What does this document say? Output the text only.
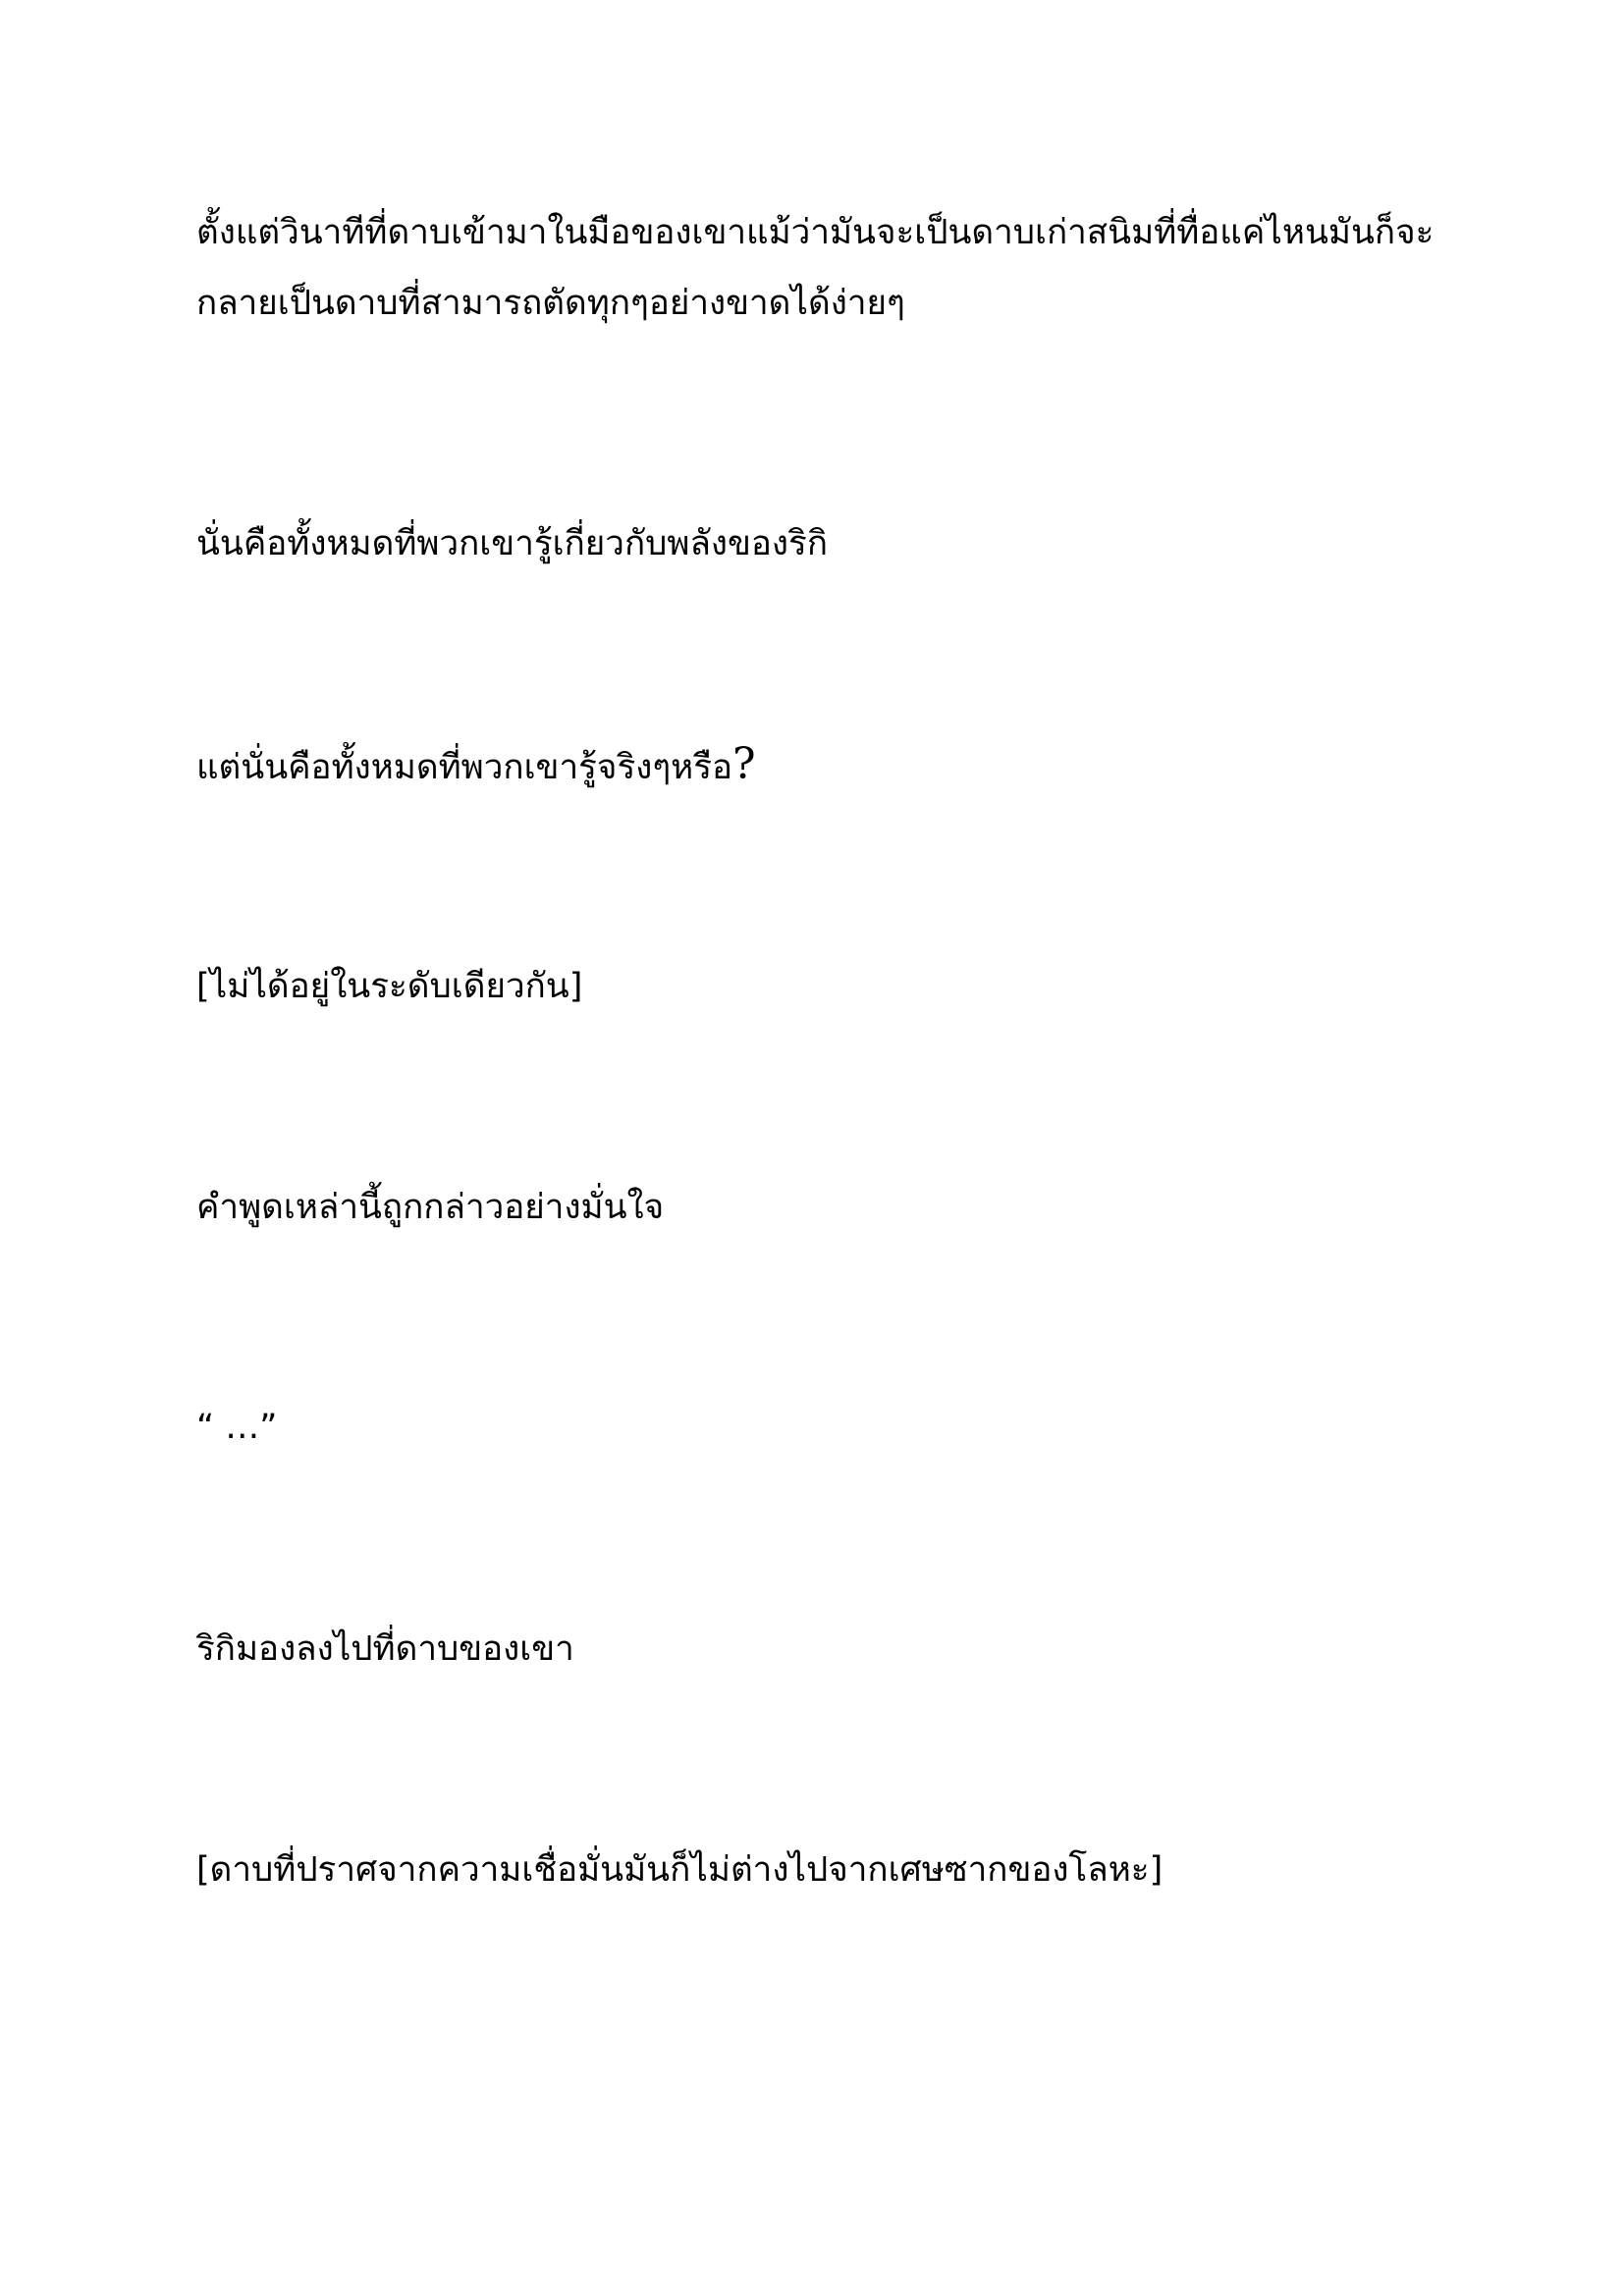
ตั้งแต่วินาทีที่ดาบเข้ามาในมือของเขาแม้ว่ามันจะเป็นดาบเก่าสนิมที่ทื่อแค่ไหนมันก็จะกลายเป็นดาบที่สามารถตัดทุกๆอย่างขาดได้ง่ายๆ

นั่นคือทั้งหมดที่พวกเขารู้เกี่ยวกับพลังของริกิ

แต่นั่นคือทั้งหมดที่พวกเขารู้จริงๆหรือ?

[ไม่ได้อยู่ในระดับเดียวกัน]

คำพูดเหล่านี้ถูกกล่าวอย่างมั่นใจ

“ …”

ริกิมองลงไปที่ดาบของเขา

[ดาบที่ปราศจากความเชื่อมั่นมันก็ไม่ต่างไปจากเศษซากของโลหะ]
